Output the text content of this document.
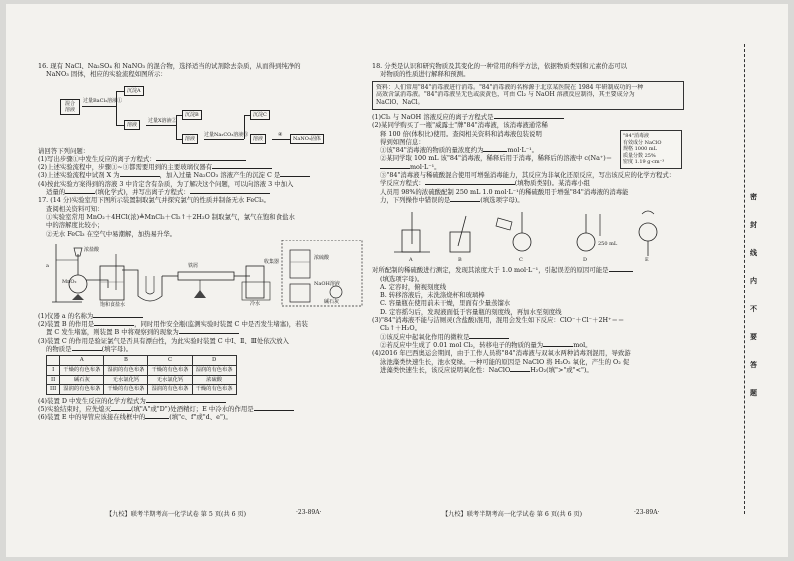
16. 现有 NaCl、Na₂SO₄ 和 NaNO₃ 的混合物，选择适当的试剂除去杂质，从而得到纯净的
NaNO₃ 固体，相应的实验流程如图所示：
混合溶液
过量BaCl₂溶液①
沉淀A
溶液
过量X溶液②
沉淀B
溶液
过量Na₂CO₃溶液③
沉淀C
溶液
④
NaNO₃固体
请回答下列问题：
(1)写出步骤①中发生反应的离子方程式：
(2)上述实验流程中，步骤①~③都需要用到的主要玻璃仪器有
(3)上述实验流程中试剂 X 为	，加入过量 Na₂CO₃ 溶液产生的沉淀 C 是
(4)按此实验方案得到的溶液 3 中肯定含有杂质，为了解决这个问题，可以向溶液 3 中加入
适量的	(填化学式)，并写出离子方程式：
17. (14 分)实验室用下图所示装置制取氯气并探究氯气的性质并制备无水 FeCl₃。
查阅相关资料可知：
①实验室常用 MnO₂＋4HCl(浓)≜MnCl₂＋Cl₂↑＋2H₂O 制取氯气，氯气在饱和食盐水
中的溶解度比较小；
②无水 FeCl₃ 在空气中易潮解，加热易升华。
浓盐酸
a
MnO₂
饱和食盐水
铁屑
冷水
收集器
浓硫酸
NaOH溶液
碱石灰
(1)仪器 a 的名称为
(2)装置 B 的作用是	，同时用作安全瓶(监测实验时装置 C 中是否发生堵塞)，若装
置 C 发生堵塞，则装置 B 中将观察到的现象为
(3)装置 C 的作用是验证氯气是否具有漂白性，为此实验时装置 C 中Ⅰ、Ⅱ、Ⅲ处依次放入
的物质是	(填字母)。
	A	B	C	D
I	干燥的有色布条	湿润的有色布条	干燥的有色布条	湿润的有色布条
II	碱石灰	无水氯化钙	无水氯化钙	浓硫酸
III	湿润的有色布条	干燥的有色布条	湿润的有色布条	干燥的有色布条
(4)装置 D 中发生反应的化学方程式为
(5)实验结束时，应先熄灭	(填"A"或"D")处酒精灯；E 中冷水的作用是
(6)装置 E 中的导管应该接在线框中的	(填"c、f"或"d、e")。
18. 分类是认识和研究物质及其变化的一种常用的科学方法，依据物质类别和元素价态可以
对物质的性质进行解释和预测。
资料：人们常用"84"消毒液进行消毒。"84"消毒液的名称源于北京某医院在 1984 年研制成功的一种
高效含氯消毒液。"84"消毒液呈无色或淡黄色，可由 Cl₂ 与 NaOH 溶液反应制得，其主要成分为
NaClO、NaCl。
(1)Cl₂ 与 NaOH 溶液反应的离子方程式是
(2)某同学购买了一瓶"威露士"牌"84"消毒液，该消毒液通常稀
释 100 倍(体积比)使用。查阅相关资料和消毒液包装说明
得到如图信息：
"84"消毒液
有效成分 NaClO
规格 1000 mL
质量分数 25%
密度 1.19 g·cm⁻³
①该"84"消毒液的物质的量浓度约为	mol·L⁻¹。
②某同学取 100 mL 该"84"消毒液，稀释后用于消毒，稀释后的溶液中 c(Na⁺)＝
mol·L⁻¹。
③"84"消毒液与稀硫酸混合使用可增强消毒能力，其反应为非氧化还原反应，写出该反应的化学方程式：
学反应方程式：	(填物质类别)。某消毒小组
人员用 98%的浓硫酸配制 250 mL 1.0 mol·L⁻¹的稀硫酸用于增强"84"消毒液的消毒能
力，下列操作中错误的是	(填选项字母)。
A	B	C	D	E
250 mL
对所配制的稀硫酸进行测定，发现其浓度大于 1.0 mol·L⁻¹，引起误差的原因可能是
(填选项字母)。
A. 定容时，俯视刻度线
B. 转移溶液后，未洗涤烧杯和玻璃棒
C. 容量瓶在使用前未干燥，里面有少量蒸馏水
D. 定容摇匀后，发现液面低于容量瓶的刻度线，再加水至刻度线
(3)"84"消毒液不能与洁厕灵(含盐酸)混用，混用会发生如下反应：ClO⁻＋Cl⁻＋2H⁺＝＝
Cl₂↑＋H₂O。
①该反应中起氧化作用的微粒是
②若反应中生成了 0.01 mol Cl₂，转移电子的物质的量为	mol。
(4)2016 年巴西奥运会期间，由于工作人员将"84"消毒液与双氧水两种消毒剂混用，导致游
泳池藻类快速生长，池水变绿。一种可能的原因是 NaClO 将 H₂O₂ 氧化，产生的 O₂ 促
进藻类快速生长，该反应说明氧化性：NaClO	H₂O₂(填">"或"<")。
【九校】联考半期考高一化学试卷 第 5 页(共 6 页)	·23-89A·	【九校】联考半期考高一化学试卷 第 6 页(共 6 页)	·23-89A·
密
封
线
内
不
要
答
题
